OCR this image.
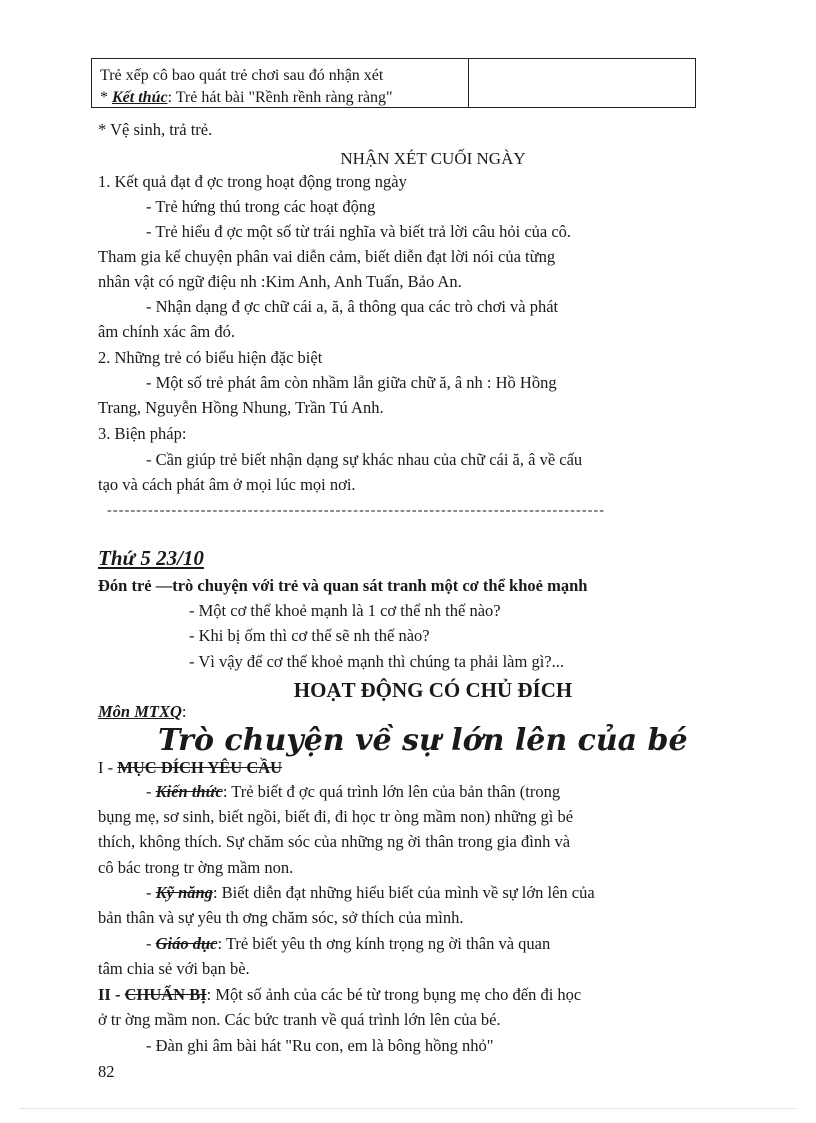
Trẻ xếp cô bao quát trẻ chơi sau đó nhận xét
* Kết thúc: Trẻ hát bài "Rềnh rềnh ràng ràng"
* Vệ sinh, trả trẻ.
NHẬN XÉT CUỐI NGÀY
1. Kết quả đạt đ ợc trong hoạt động trong ngày
- Trẻ hứng thú trong các hoạt động
- Trẻ hiểu đ ợc một số từ trái nghĩa và biết trả lời câu hỏi của cô.
Tham gia kể chuyện phân vai diễn cảm, biết diễn đạt lời nói của từng
nhân vật có ngữ điệu nh :Kim Anh, Anh Tuấn, Bảo An.
- Nhận dạng đ ợc chữ cái a, ă, â thông qua các trò chơi và phát
âm chính xác âm đó.
2. Những trẻ có biểu hiện đặc biệt
- Một số trẻ phát âm còn nhầm lẫn giữa chữ ă, â nh : Hồ Hồng
Trang, Nguyễn Hồng Nhung, Trần Tú Anh.
3. Biện pháp:
- Cần giúp trẻ biết nhận dạng sự khác nhau của chữ cái ă, â về cấu
tạo và cách phát âm ở mọi lúc mọi nơi.
-------------------------------------------------------------------------------------
Thứ 5 23/10
Đón trẻ —trò chuyện với trẻ và quan sát tranh một cơ thể khoẻ mạnh
- Một cơ thể khoẻ mạnh là 1 cơ thể nh thế nào?
- Khi bị ốm thì cơ thể sẽ nh thế nào?
- Vì vậy để cơ thể khoẻ mạnh thì chúng ta phải làm gì?...
HOẠT ĐỘNG CÓ CHỦ ĐÍCH
Môn MTXQ:
Trò chuyện về sự lớn lên của bé
I - MỤC ĐÍCH YÊU CẦU
- Kiến thức: Trẻ biết đ ợc quá trình lớn lên của bản thân (trong
bụng mẹ, sơ sinh, biết ngồi, biết đi, đi học tr òng mầm non) những gì bé
thích, không thích. Sự chăm sóc của những ng ời thân trong gia đình và
cô bác trong tr ờng mầm non.
- Kỹ năng: Biết diễn đạt những hiểu biết của mình về sự lớn lên của
bản thân và sự yêu th ơng chăm sóc, sở thích của mình.
- Giáo dục: Trẻ biết yêu th ơng kính trọng ng ời thân và quan
tâm chia sẻ với bạn bè.
II - CHUẨN BỊ: Một số ảnh của các bé từ trong bụng mẹ cho đến đi học
ở tr ờng mầm non. Các bức tranh về quá trình lớn lên của bé.
- Đàn ghi âm bài hát "Ru con, em là bông hồng nhỏ"
82
